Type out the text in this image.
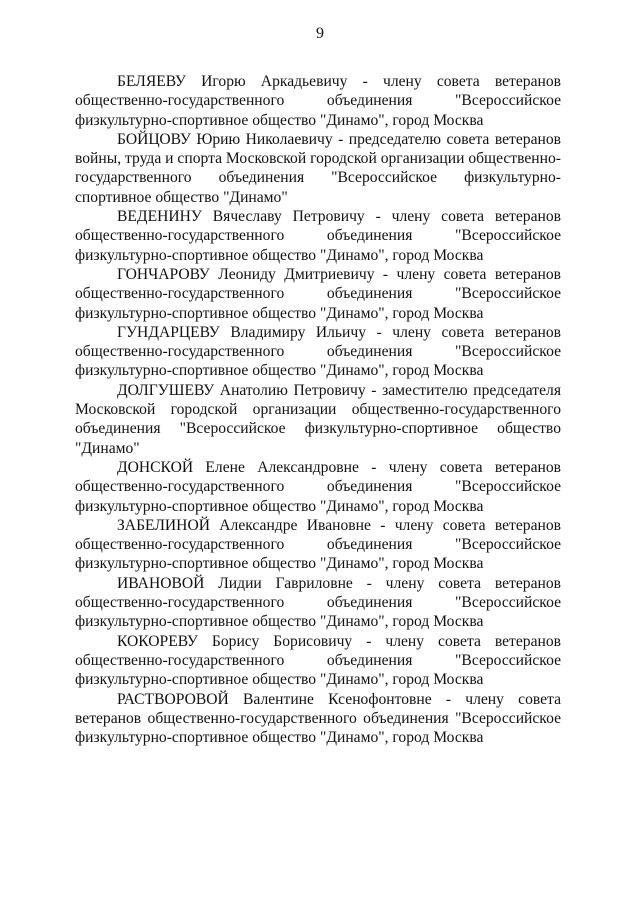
9

БЕЛЯЕВУ Игорю Аркадьевичу - члену совета ветеранов общественно-государственного объединения "Всероссийское физкультурно-спортивное общество "Динамо", город Москва

БОЙЦОВУ Юрию Николаевичу - председателю совета ветеранов войны, труда и спорта Московской городской организации общественно-государственного объединения "Всероссийское физкультурно-спортивное общество "Динамо"

ВЕДЕНИНУ Вячеславу Петровичу - члену совета ветеранов общественно-государственного объединения "Всероссийское физкультурно-спортивное общество "Динамо", город Москва

ГОНЧАРОВУ Леониду Дмитриевичу - члену совета ветеранов общественно-государственного объединения "Всероссийское физкультурно-спортивное общество "Динамо", город Москва

ГУНДАРЦЕВУ Владимиру Ильичу - члену совета ветеранов общественно-государственного объединения "Всероссийское физкультурно-спортивное общество "Динамо", город Москва

ДОЛГУШЕВУ Анатолию Петровичу - заместителю председателя Московской городской организации общественно-государственного объединения "Всероссийское физкультурно-спортивное общество "Динамо"

ДОНСКОЙ Елене Александровне - члену совета ветеранов общественно-государственного объединения "Всероссийское физкультурно-спортивное общество "Динамо", город Москва

ЗАБЕЛИНОЙ Александре Ивановне - члену совета ветеранов общественно-государственного объединения "Всероссийское физкультурно-спортивное общество "Динамо", город Москва

ИВАНОВОЙ Лидии Гавриловне - члену совета ветеранов общественно-государственного объединения "Всероссийское физкультурно-спортивное общество "Динамо", город Москва

КОКОРЕВУ Борису Борисовичу - члену совета ветеранов общественно-государственного объединения "Всероссийское физкультурно-спортивное общество "Динамо", город Москва

РАСТВОРОВОЙ Валентине Ксенофонтовне - члену совета ветеранов общественно-государственного объединения "Всероссийское физкультурно-спортивное общество "Динамо", город Москва
